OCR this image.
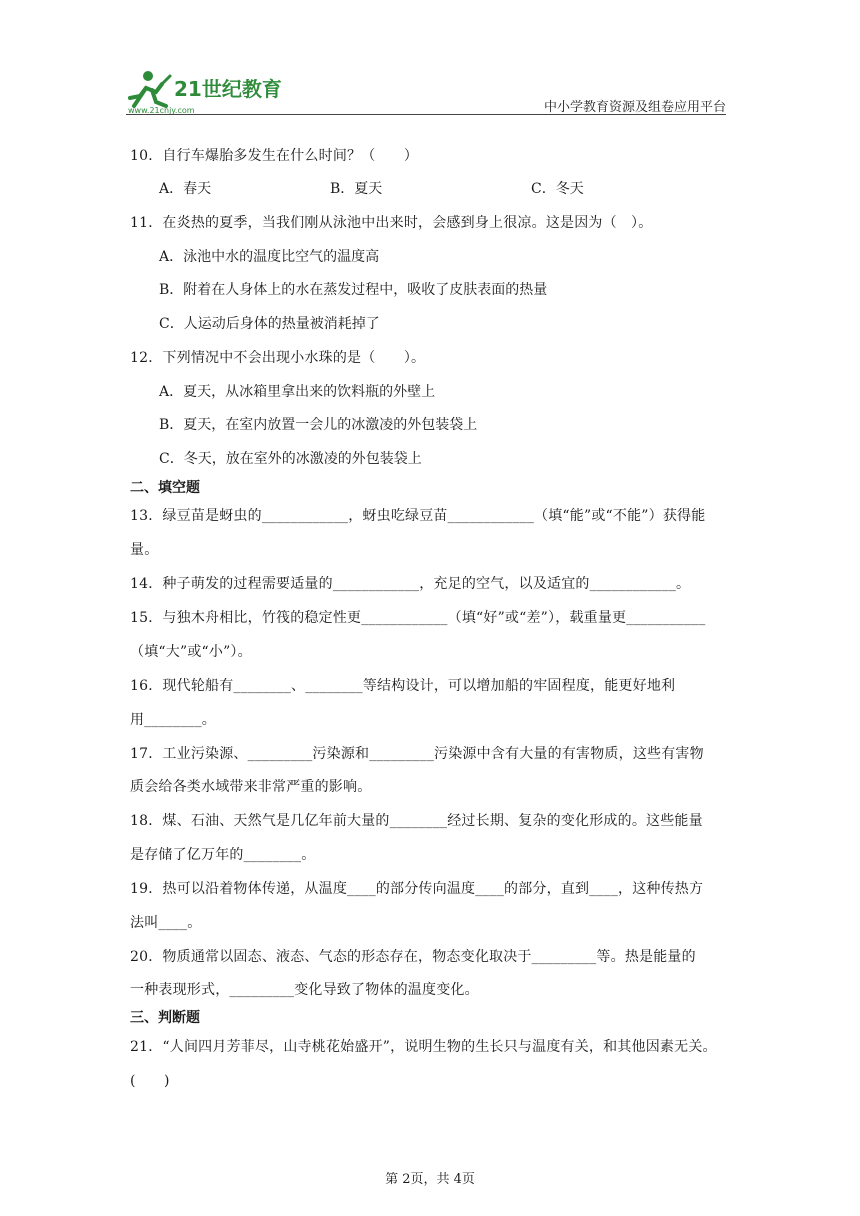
21世纪教育
www.21cnjy.com	中小学教育资源及组卷应用平台
10．自行车爆胎多发生在什么时间？（　　）
A．春天	B．夏天	C．冬天
11．在炎热的夏季，当我们刚从泳池中出来时，会感到身上很凉。这是因为（　）。
A．泳池中水的温度比空气的温度高
B．附着在人身体上的水在蒸发过程中，吸收了皮肤表面的热量
C．人运动后身体的热量被消耗掉了
12．下列情况中不会出现小水珠的是（　　）。
A．夏天，从冰箱里拿出来的饮料瓶的外壁上
B．夏天，在室内放置一会儿的冰激凌的外包装袋上
C．冬天，放在室外的冰激凌的外包装袋上
二、填空题
13．绿豆苗是蚜虫的____________，蚜虫吃绿豆苗____________（填“能”或“不能”）获得能
量。
14．种子萌发的过程需要适量的____________，充足的空气，以及适宜的____________。
15．与独木舟相比，竹筏的稳定性更____________（填“好”或“差”），载重量更___________
（填“大”或“小”）。
16．现代轮船有________、________等结构设计，可以增加船的牢固程度，能更好地利
用________。
17．工业污染源、_________污染源和_________污染源中含有大量的有害物质，这些有害物
质会给各类水域带来非常严重的影响。
18．煤、石油、天然气是几亿年前大量的________经过长期、复杂的变化形成的。这些能量
是存储了亿万年的________。
19．热可以沿着物体传递，从温度____的部分传向温度____的部分，直到____，这种传热方
法叫____。
20．物质通常以固态、液态、气态的形态存在，物态变化取决于_________等。热是能量的
一种表现形式，_________变化导致了物体的温度变化。
三、判断题
21．“人间四月芳菲尽，山寺桃花始盛开”，说明生物的生长只与温度有关，和其他因素无关。
(　　)
第 2页，共 4页
